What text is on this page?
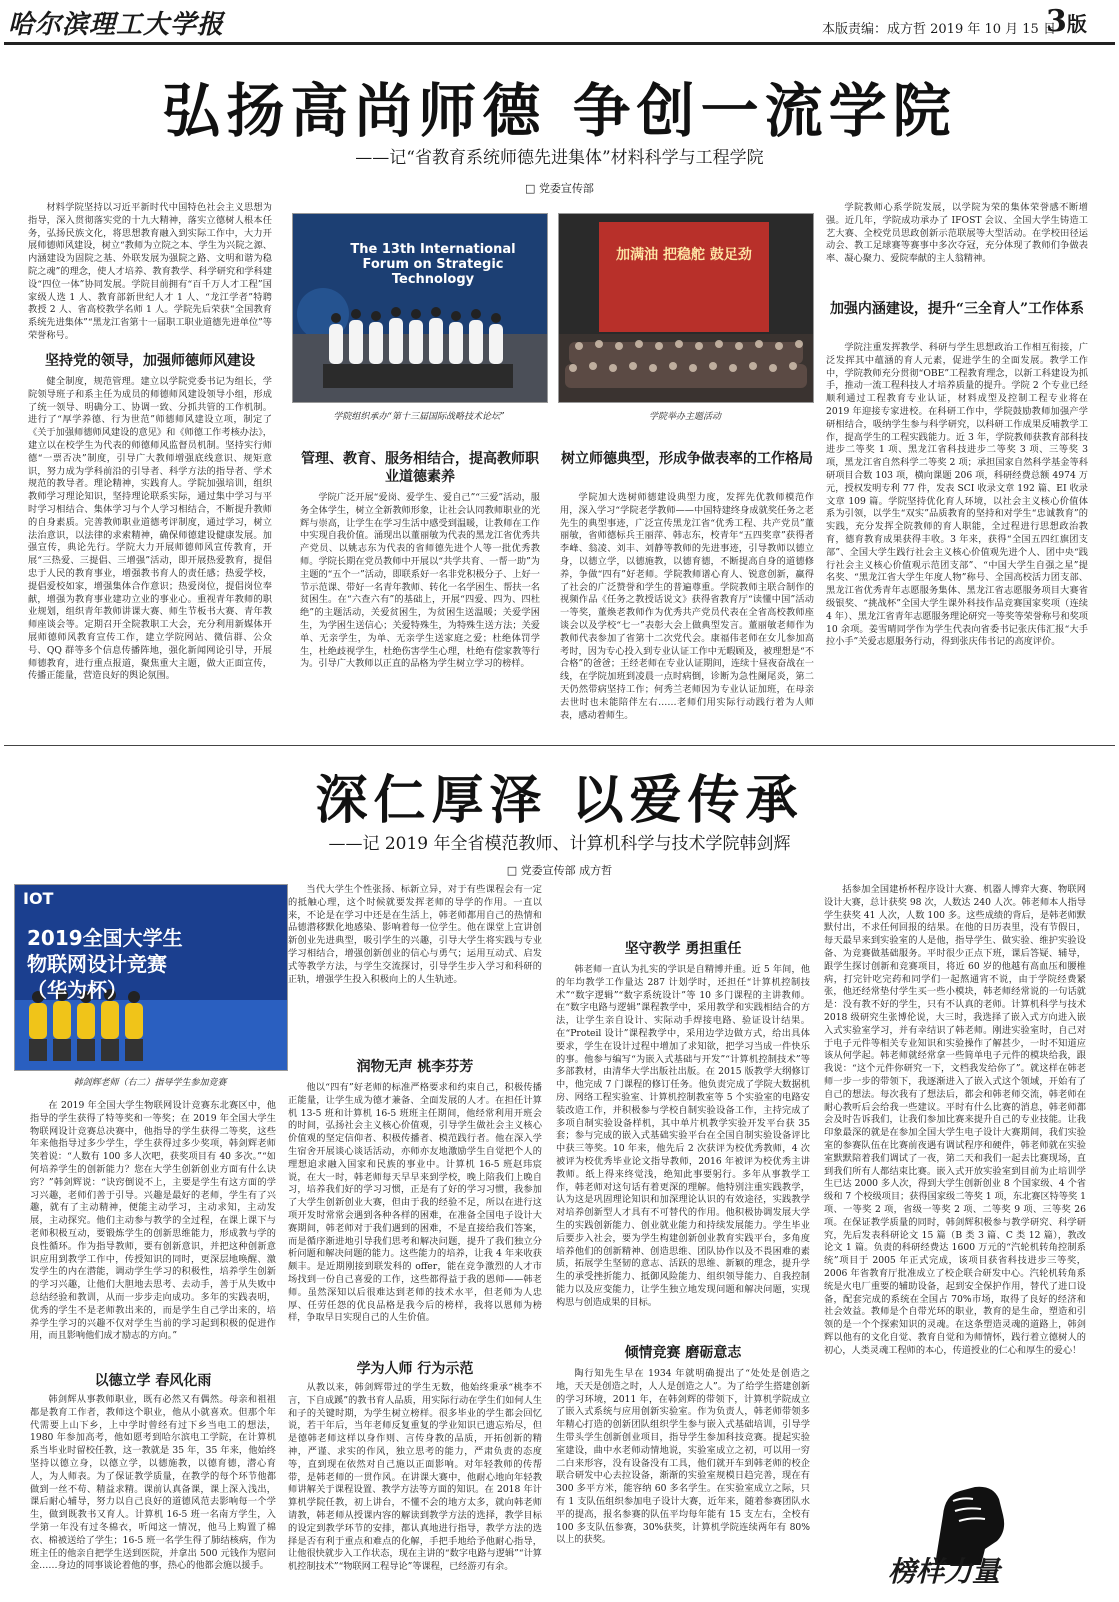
哈尔滨理工大学报	本版责编：成方哲 2019 年 10 月 15 日
3版
弘扬高尚师德 争创一流学院
——记“省教育系统师德先进集体”材料科学与工程学院
□ 党委宣传部

材料学院坚持以习近平新时代中国特色社会主义思想为指导，深入贯彻落实党的十九大精神，落实立德树人根本任务，弘扬民族文化，将思想教育融入到实际工作中，大力开展师德师风建设，树立“教师为立院之本、学生为兴院之源、内涵建设为固院之基、外联发展为强院之路、文明和谐为稳院之魂”的理念，使人才培养、教育教学、科学研究和学科建设“四位一体”协同发展。学院目前拥有“百千万人才工程”国家级人选 1 人、教育部新世纪人才 1 人、“龙江学者”特聘教授 2 人、省高校教学名师 1 人。学院先后荣获“全国教育系统先进集体”“黑龙江省第十一届职工职业道德先进单位”等荣誉称号。

坚持党的领导，加强师德师风建设

健全制度，规范管理。建立以学院党委书记为组长，学院领导班子和系主任为成员的师德师风建设领导小组，形成了统一领导、明确分工、协调一致、分抓共管的工作机制。进行了“厚学养德、行为世范”师德师风建设立项，制定了《关于加强师德师风建设的意见》和《师德工作考核办法》，建立以在校学生为代表的师德师风监督员机制。坚持实行师德“一票否决”制度，引导广大教师增强底线意识、规矩意识，努力成为学科前沿的引导者、科学方法的指导者、学术规范的教导者。理论精神，实践育人。学院加强培训，组织教师学习理论知识，坚持理论联系实际，通过集中学习与平时学习相结合、集体学习与个人学习相结合，不断提升教师的自身素质。完善教师职业道德考评制度，通过学习，树立法治意识，以法律的求索精神，确保师德建设健康发展。加强宣传，典论先行。学院大力开展师德师风宣传教育，开展“三热爱、三提倡、三增强”活动，即开展热爱教育，提倡忠于人民的教育事业，增强教书育人的责任感；热爱学校，提倡爱校如家，增强集体合作意识；热爱岗位，提倡岗位奉献，增强为教育事业建功立业的事业心。重视青年教师的职业规划，组织青年教师讲课大赛、师生节板书大赛、青年教师座谈会等。定期召开全院教职工大会，充分利用新媒体开展师德师风教育宣传工作，建立学院网站、微信群、公众号、QQ 群等多个信息传播阵地，强化新闻网论引导，开展师德教育，进行重点报道，聚焦重大主题，做大正面宣传，传播正能量，营造良好的舆论氛围。

The 13th International Forum on Strategic Technology
学院组织承办“第十三届国际战略技术论坛”
加满油 把稳舵 鼓足劲
学院举办主题活动
管理、教育、服务相结合，提高教师职业道德素养

学院广泛开展“爱岗、爱学生、爱自己”“三爱”活动，服务全体学生，树立全新教师形象，让社会认同教师职业的光辉与崇高，让学生在学习生活中感受到温暖，让教师在工作中实现自我价值。涌现出以董丽敏为代表的黑龙江省优秀共产党员、以姚志东为代表的省师德先进个人等一批优秀教师。学院长期在党员教师中开展以“共学共育、一帮一助”为主题的“五个一”活动，即联系好一名非党积极分子、上好一节示范课、带好一名青年教师、转化一名学困生、帮扶一名贫困生。在“六查六有”的基础上，开展“四爱、四为、四杜绝”的主题活动，关爱贫困生，为贫困生送温暖；关爱学困生，为学困生送信心；关爱特殊生，为特殊生送方法；关爱单、无亲学生，为单、无亲学生送家庭之爱；杜绝体罚学生，杜绝歧视学生，杜绝伤害学生心理，杜绝有偿家教等行为。引导广大教师以正直的品格为学生树立学习的榜样。

树立师德典型，形成争做表率的工作格局

学院加大选树师德建设典型力度，发挥先优教师模范作用，深入学习“学院老学教师——中国特建终身成就奖任务之老先生的典型事迹，广泛宣传黑龙江省“优秀工程、共产党员”董丽敏，省师德标兵王丽萍、韩志东，校青年“五四奖章”获得者李峰、翁凌、刘丰、刘静等教师的先进事迹，引导教师以德立身，以德立学，以德施教，以德育德，不断提高自身的道德修养，争做“四有”好老师。学院教师谱心育人、锐意创新，赢得了社会的广泛赞誉和学生的普遍尊重。学院教师主联合制作的视频作品《任务之教授话说文》获得省教育厅“读懂中国”活动一等奖，董焕老教师作为优秀共产党员代表在全省高校教师座谈会以及学校“七一”表彰大会上做典型发言。董丽敏老师作为教师代表参加了省第十二次党代会。康福伟老师在女儿参加高考时，因为专心投入到专业认证工作中无暇顾及，被理想是“不合格”的爸爸；王经老师在专业认证期间，连续十昼夜奋战在一线，在学院加班到凌晨一点时病倒，诊断为急性阑尾炎，第二天仍然带病坚持工作；何秀兰老师因为专业认证加班，在母亲去世时也未能陪伴左右……老师们用实际行动践行着为人师表，感动着师生。

学院教师心系学院发展，以学院为荣的集体荣誉感不断增强。近几年，学院成功承办了 IFOST 会议、全国大学生铸造工艺大赛、全校党员思政创新示范联展等大型活动。在学校田径运动会、教工足球赛等赛事中多次夺冠，充分体现了教师们争做表率、凝心聚力、爱院奉献的主人翁精神。

加强内涵建设，提升“三全育人”工作体系

学院注重发挥教学、科研与学生思想政治工作相互衔接，广泛发挥其中蕴涵的育人元素，促进学生的全面发展。教学工作中，学院教师充分贯彻“OBE”工程教育理念，以新工科建设为抓手，推动一流工程科技人才培养质量的提升。学院 2 个专业已经顺利通过工程教育专业认证，材料成型及控制工程专业将在 2019 年迎接专家进校。在科研工作中，学院鼓励教师加强产学研相结合，吸纳学生参与科学研究，以科研工作成果反哺教学工作，提高学生的工程实践能力。近 3 年，学院教师获教育部科技进步二等奖 1 项、黑龙江省科技进步二等奖 3 项、三等奖 3 项，黑龙江省自然科学二等奖 2 项；承担国家自然科学基金等科研项目合数 103 项，横向课题 206 项，科研经费总额 4974 万元，授权发明专利 77 件，发表 SCI 收录文章 192 篇、EI 收录文章 109 篇。学院坚持优化育人环境，以社会主义核心价值体系为引领，以学生“双实”品质教育的坚持和对学生“忠诚教育”的实践，充分发挥全院教师的育人职能，全过程进行思想政治教育，德育教育成果获得丰收。3 年来，获得“全国五四红旗团支部”、全国大学生践行社会主义核心价值观先进个人、团中央“践行社会主义核心价值观示范团支部”、“中国大学生自强之星”提名奖、“黑龙江省大学生年度人物”称号、全国高校活力团支部、黑龙江省优秀青年志愿服务集体、黑龙江省志愿服务项目大赛省级银奖、“挑战杯”全国大学生课外科技作品竞赛国家奖项（连续 4 年）、黑龙江省青年志愿服务理论研究一等奖等荣誉称号和奖项 10 余项。姜雪晴同学作为学生代表向省委书记张庆伟汇报“大手拉小手”关爱志愿服务行动，得到张庆伟书记的高度评价。

深仁厚泽 以爱传承
——记 2019 年全省模范教师、计算机科学与技术学院韩剑辉
□ 党委宣传部 成方哲
IOT
2019全国大学生物联网设计竞赛（华为杯）
韩剑辉老师（右二）指导学生参加竞赛

在 2019 年全国大学生物联网设计竞赛东北赛区中，他指导的学生获得了特等奖和一等奖；在 2019 年全国大学生物联网设计竞赛总决赛中，他指导的学生获得二等奖，这些年来他指导过多少学生，学生获得过多少奖项，韩剑辉老师笑着说：“人数有 100 多人次吧，获奖项目有 40 多次。”“如何培养学生的创新能力？您在大学生创新创业方面有什么诀窍？”韩剑辉说：“诀窍倒说不上，主要是学生有这方面的学习兴趣，老师们善于引导。兴趣是最好的老师，学生有了兴趣，就有了主动精神，便能主动学习，主动求知，主动发展，主动探究。他们主动参与教学的全过程，在课上课下与老师积极互动，要锻炼学生的创新思维能力，形成教与学的良性循环。作为指导教师，要有创新意识，并把这种创新意识应用到教学工作中，传授知识的同时，更深层地唤醒、激发学生的内在潜能，调动学生学习的积极性，培养学生创新的学习兴趣，让他们大胆地去思考、去动手，善于从失败中总结经验和教训，从而一步步走向成功。多年的实践表明，优秀的学生不是老师教出来的，而是学生自己学出来的，培养学生学习的兴趣不仅对学生当前的学习起到积极的促进作用，而且影响他们成才励志的方向。”

以德立学 春风化雨

韩剑辉从事教师职业，既有必然又有偶然。母亲和祖祖都是教育工作者，教师这个职业，他从小就喜欢。但那个年代需要上山下乡，上中学时曾经有过下乡当电工的想法，1980 年参加高考，他如愿考到哈尔滨电工学院，在计算机系当毕业时留校任教，这一教就是 35 年，35 年来，他始终坚持以德立身，以德立学，以德施教，以德育德，潜心育人，为人师表。为了保证教学质量，在教学的每个环节他都做到一丝不苟、精益求精。课前认真备课，课上深入浅出，课后耐心辅导，努力以自己良好的道德风范去影响每一个学生，做到既教书又育人。计算机 16-5 班一名南方学生，入学第一年没有过冬棉衣，听闻这一情况，他马上购置了棉衣、棉被送给了学生；16-5 班一名学生得了肺结核病，作为班主任的他亲自把学生送到医院，并拿出 500 元钱作为慰问金……身边的同事谈论着他的事，热心的他都会施以援手。

当代大学生个性张扬、标新立异，对于有些课程会有一定的抵触心理，这个时候就要发挥老师的导学的作用。一直以来，不论是在学习中还是在生活上，韩老师都用自己的热情和品德潜移默化地感染、影响着每一位学生。他在课堂上宣讲创新创业先进典型，吸引学生的兴趣，引导大学生将实践与专业学习相结合，增强创新创业的信心与勇气；运用互动式、启发式等教学方法，与学生交流探讨，引导学生步入学习和科研的正轨，增强学生投入积极向上的人生轨迹。

润物无声 桃李芬芳

他以“四有”好老师的标准严格要求和约束自己，积极传播正能量，让学生成为德才兼备、全面发展的人才。在担任计算机 13-5 班和计算机 16-5 班班主任期间，他经常利用开班会的时间，弘扬社会主义核心价值观，引导学生做社会主义核心价值观的坚定信仰者、积极传播者、模范践行者。他在深入学生宿舍开展谈心谈话活动，亦师亦友地激励学生自觉把个人的理想追求融入国家和民族的事业中。计算机 16-5 班赵玮宸说，在大一时，韩老师每天早早来到学校，晚上陪我们上晚自习，培养我们好的学习习惯，正是有了好的学习习惯，我参加了大学生创新创业大赛，但由于我的经验不足，所以在进行这项开发时常常会遇到各种各样的困难，在准备全国电子设计大赛期间，韩老师对于我们遇到的困难，不是直接给我们答案，而是循序渐进地引导我们思考和解决问题，提升了我们独立分析问题和解决问题的能力。这些能力的培养，让我 4 年来收获颇丰。是近期刚接到联发科的 offer，能在竞争激烈的人才市场找到一份自己喜爱的工作，这些都得益于我的恩师——韩老师。虽然深知以后很难达到老师的技术水平，但老师为人忠厚、任劳任怨的优良品格是我今后的榜样，我将以恩师为榜样，争取早日实现自己的人生价值。

学为人师 行为示范

从教以来，韩剑辉带过的学生无数，他始终秉承“桃李不言，下自成蹊”的教书育人品质，用实际行动在学生们如何人生和子的关键时期，为学生树立榜样。很多毕业的学生都会回忆说，若干年后，当年老师反复重复的学业知识已遗忘殆尽，但是德韩老师这样以身作则、言传身教的品质，开拓创新的精神，严谨、求实的作风，独立思考的能力，严肃负责的态度等，直到现在依然对自己施以正面影响。对年轻教师的传帮带，是韩老师的一贯作风。在讲课大赛中，他耐心地向年轻教师讲解关于课程设置、教学方法等方面的知识。在 2018 年计算机学院任教，初上讲台，不懂不会的地方太多，就向韩老师请教，韩老师从授课内容的解读到教学方法的选择，教学目标的设定到教学环节的安排，都认真地进行指导，教学方法的选择是否有利于重点和难点的化解，手把手地给予他耐心指导，让他很快就步入工作状态，现在主讲的“数字电路与逻辑”“计算机控制技术”“物联网工程导论”等课程，已经游刃有余。

坚守教学 勇担重任

韩老师一直认为扎实的学识是自精博并重。近 5 年间，他的年均教学工作量达 287 计划学时，还担任“计算机控制技术”“数字逻辑”“数字系统设计”等 10 多门课程的主讲教师。在“数字电路与逻辑”课程教学中，采用教学和实践相结合的方法，让学生亲自设计、实际动手焊接电路、验证设计结果。在“Proteil 设计”课程教学中，采用边学边做方式，给出具体要求，学生在设计过程中增加了求知欲，把学习当成一件快乐的事。他参与编写“为嵌入式基础与开发”“计算机控制技术”等多部教材，由清华大学出版社出版。在 2015 版教学大纲修订中，他完成 7 门课程的修订任务。他负责完成了学院大数据机房、网络工程实验室、计算机控制教室等 5 个实验室的电路安装改造工作，并积极参与学校自制实验设备工作，主持完成了多项自制实验设备样机，其中单片机教学实验开发平台获 35 套；参与完成的嵌入式基础实验平台在全国自制实验设备评比中获三等奖。10 年来，他先后 2 次获评为校优秀教师，4 次被评为校优秀毕业论文指导教师，2016 年被评为校优秀主讲教师。纸上得来终觉浅，绝知此事要躬行。多年从事教学工作，韩老师对这句话有着更深的理解。他特别注重实践教学，认为这是巩固理论知识和加深理论认识的有效途径，实践教学对培养创新型人才具有不可替代的作用。他积极协调发展大学生的实践创新能力、创业就业能力和持续发展能力。学生毕业后要步入社会，要为学生构建创新创业教育实践平台，多角度培养他们的创新精神、创造思维、团队协作以及不畏困难的素质，拓展学生坚韧的意志、活跃的思维、新颖的理念，提升学生的承受挫折能力、抵御风险能力、组织领导能力、自我控制能力以及应变能力，让学生独立地发现问题和解决问题，实现构思与创造成果的目标。

倾情竞赛 磨砺意志

陶行知先生早在 1934 年就明确提出了“处处是创造之地，天天是创造之时，人人是创造之人”。为了给学生搭建创新的学习环境，2011 年，在韩剑辉的带领下，计算机学院成立了嵌入式系统与应用创新实验室。作为负责人，韩老师带领多年精心打造的创新团队组织学生参与嵌入式基础培训，引导学生带头学生创新创业项目，指导学生参加科技竞赛。提起实验室建设，曲中水老师动情地说，实验室成立之初，可以用一穷二白来形容，没有设备没有工具，他们就开车到韩老师的校企联合研发中心去拉设备，渐渐的实验室规模日趋完善，现在有 300 多平方米，能容纳 60 多名学生。在实验室成立之际，只有 1 支队伍组织参加电子设计大赛，近年来，随着参赛团队水平的提高，报名参赛的队伍平均每年能有 15 支左右，全校有 100 多支队伍参赛，30%获奖，计算机学院连续两年有 80%以上的获奖。

括参加全国建桥杯程序设计大赛、机器人博弈大赛、物联网设计大赛，总计获奖 98 次，人数达 240 人次。韩老师本人指导学生获奖 41 人次，人数 100 多。这些成绩的背后，是韩老师默默付出，不求任何回报的结果。在他的日历表里，没有节假日，每天最早来到实验室的人是他，指导学生、做实验、维护实验设备、为竞赛做基础服务。平时很少正点下班，课后答疑、辅导，跟学生探讨创新和竞赛项目，将近 60 岁的他越有高血压和腰椎病，打完针吃完药和同学们一起熬通宵不说，由于学院经费紧张，他还经常垫付学生买一些小模块，韩老师经常说的一句话就是：没有教不好的学生，只有不认真的老师。计算机科学与技术 2018 级研究生张博伦说，大三时，我选择了嵌入式方向进入嵌入式实验室学习，并有幸结识了韩老师。刚进实验室时，自己对于电子元件等相关专业知识和实验操作了解甚少，一时不知道应该从何学起。韩老师就经常拿一些简单电子元件的模块给我，跟我说：“这个元件你研究一下，文档我发给你了”。就这样在韩老师一步一步的带领下，我逐渐进入了嵌入式这个领域，开始有了自己的想法。每次我有了想法后，都会和韩老师交流，韩老师在耐心教听后会给我一些建议。平时有什么比赛的消息，韩老师都会及时告诉我们，让我们参加比赛来提升自己的专业技能。让我印象最深的就是在参加全国大学生电子设计大赛期间，我们实验室的参赛队伍在比赛前夜遇有调试程序和硬件，韩老师就在实验室默默陪着我们调试了一夜，第二天和我们一起去比赛现场，直到我们所有人都结束比赛。嵌入式开放实验室到目前为止培训学生已达 2000 多人次，得到大学生创新创业 8 个国家级、4 个省级和 7 个校级项目；获得国家级二等奖 1 项，东北赛区特等奖 1 项、一等奖 2 项，省级一等奖 2 项、二等奖 9 项、三等奖 26 项。在保证教学质量的同时，韩剑辉积极参与教学研究、科学研究，先后发表科研论文 15 篇（B 类 3 篇、C 类 12 篇），教改论文 1 篇。负责的科研经费达 1600 万元的“汽轮机转角控制系统”项目于 2005 年正式完成，该项目获省科技进步三等奖，2006 年省教育厅批准成立了校企联合研发中心。汽轮机转角系统是火电厂重要的辅助设备，起到安全保护作用，替代了进口设备，配套完成的系统在全国占 70%市场，取得了良好的经济和社会效益。教师是个自带光环的职业，教育的是生命，塑造和引领的是一个个探索知识的灵魂。在这条塑造灵魂的道路上，韩剑辉以他有的文化自觉、教育自觉和为师情怀，践行着立德树人的初心，人类灵魂工程师的本心，传道授业的仁心和厚生的爱心！

榜样力量
